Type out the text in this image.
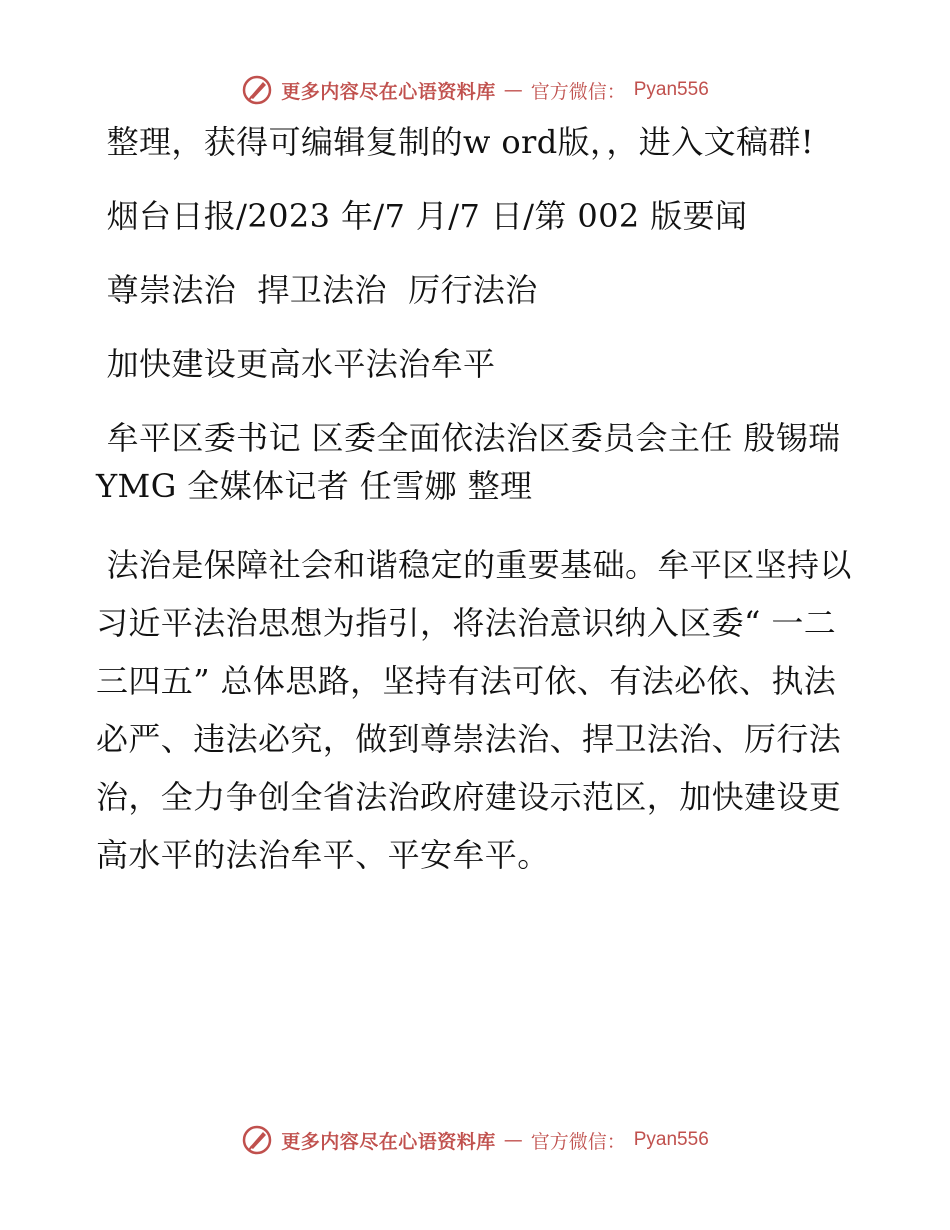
更多内容尽在心语资料库 — 官方微信： Pyan556

整理，获得可编辑复制的w ord版，，进入文稿群!

烟台日报/2023 年/7 月/7 日/第 002 版要闻

尊崇法治  捍卫法治  厉行法治

加快建设更高水平法治牟平

牟平区委书记 区委全面依法治区委员会主任 殷锡瑞 YMG 全媒体记者 任雪娜 整理

法治是保障社会和谐稳定的重要基础。牟平区坚持以习近平法治思想为指引，将法治意识纳入区委“ 一二三四五” 总体思路，坚持有法可依、有法必依、执法必严、违法必究，做到尊崇法治、捍卫法治、厉行法治，全力争创全省法治政府建设示范区，加快建设更高水平的法治牟平、平安牟平。

更多内容尽在心语资料库 — 官方微信： Pyan556
